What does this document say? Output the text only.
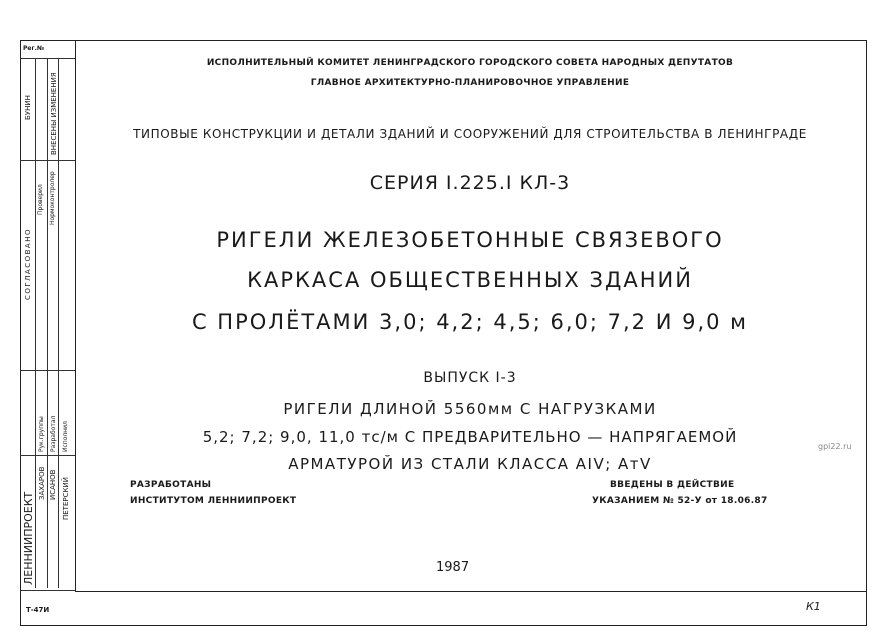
Рег.№
ВНЕСЕНЫ ИЗМЕНЕНИЯ
Проверил Нормоконтролер
СОГЛАСОВАНО
БУНИН
ЛЕННИИПРОЕКТ
ЗАХАРОВ ИСАНОВ ПЕТЕРСКИЙ
Разработал
Рук.группы	Исполнил
Т-47И
ИСПОЛНИТЕЛЬНЫЙ КОМИТЕТ ЛЕНИНГРАДСКОГО ГОРОДСКОГО СОВЕТА НАРОДНЫХ ДЕПУТАТОВ
ГЛАВНОЕ АРХИТЕКТУРНО-ПЛАНИРОВОЧНОЕ УПРАВЛЕНИЕ
ТИПОВЫЕ КОНСТРУКЦИИ И ДЕТАЛИ ЗДАНИЙ И СООРУЖЕНИЙ ДЛЯ СТРОИТЕЛЬСТВА В ЛЕНИНГРАДЕ
СЕРИЯ I.225.I КЛ-3
РИГЕЛИ ЖЕЛЕЗОБЕТОННЫЕ СВЯЗЕВОГО
КАРКАСА ОБЩЕСТВЕННЫХ ЗДАНИЙ
С ПРОЛЁТАМИ 3,0; 4,2; 4,5; 6,0; 7,2 И 9,0 м
ВЫПУСК I-3
РИГЕЛИ ДЛИНОЙ 5560мм С НАГРУЗКАМИ
5,2; 7,2; 9,0, 11,0 тс/м С ПРЕДВАРИТЕЛЬНО — НАПРЯГАЕМОЙ
АРМАТУРОЙ ИЗ СТАЛИ КЛАССА AIV; AтV
РАЗРАБОТАНЫ
ИНСТИТУТОМ ЛЕННИИПРОЕКТ
ВВЕДЕНЫ В ДЕЙСТВИЕ
УКАЗАНИЕМ № 52-У от 18.06.87
1987
К1
gpi22.ru
